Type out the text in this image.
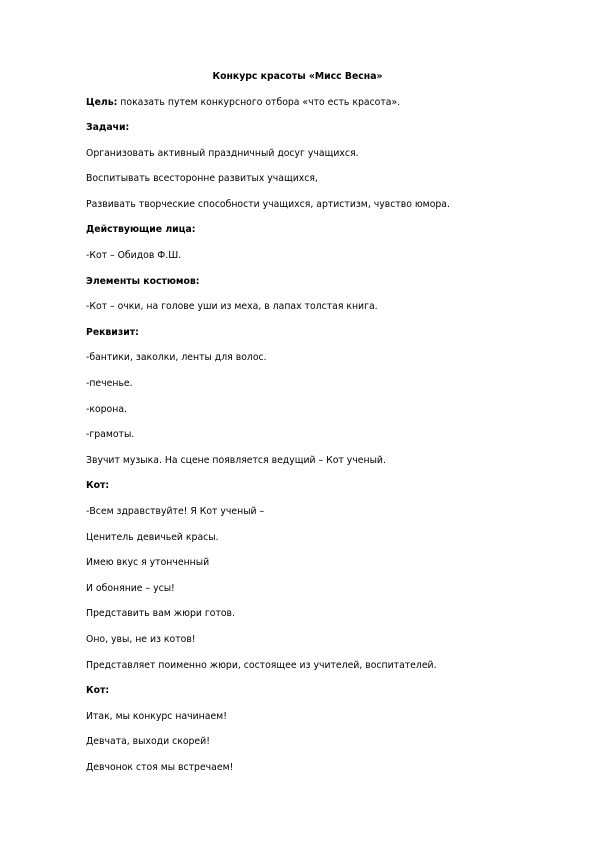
Конкурс красоты «Мисс Весна»

Цель: показать путем конкурсного отбора «что есть красота».

Задачи:

Организовать активный праздничный досуг учащихся.

Воспитывать всесторонне развитых учащихся,

Развивать творческие способности учащихся, артистизм, чувство юмора.

Действующие лица:

-Кот – Обидов Ф.Ш.

Элементы костюмов:

-Кот – очки, на голове уши из меха, в лапах толстая книга.

Реквизит:

-бантики, заколки, ленты для волос.

-печенье.

-корона.

-грамоты.

Звучит музыка. На сцене появляется ведущий – Кот ученый.

Кот:

-Всем здравствуйте! Я Кот ученый –

Ценитель девичьей красы.

Имею вкус я утонченный

И обоняние – усы!

Представить вам жюри готов.

Оно, увы, не из котов!

Представляет поименно жюри, состоящее из учителей, воспитателей.

Кот:

Итак, мы конкурс начинаем!

Девчата, выходи скорей!

Девчонок стоя мы встречаем!
